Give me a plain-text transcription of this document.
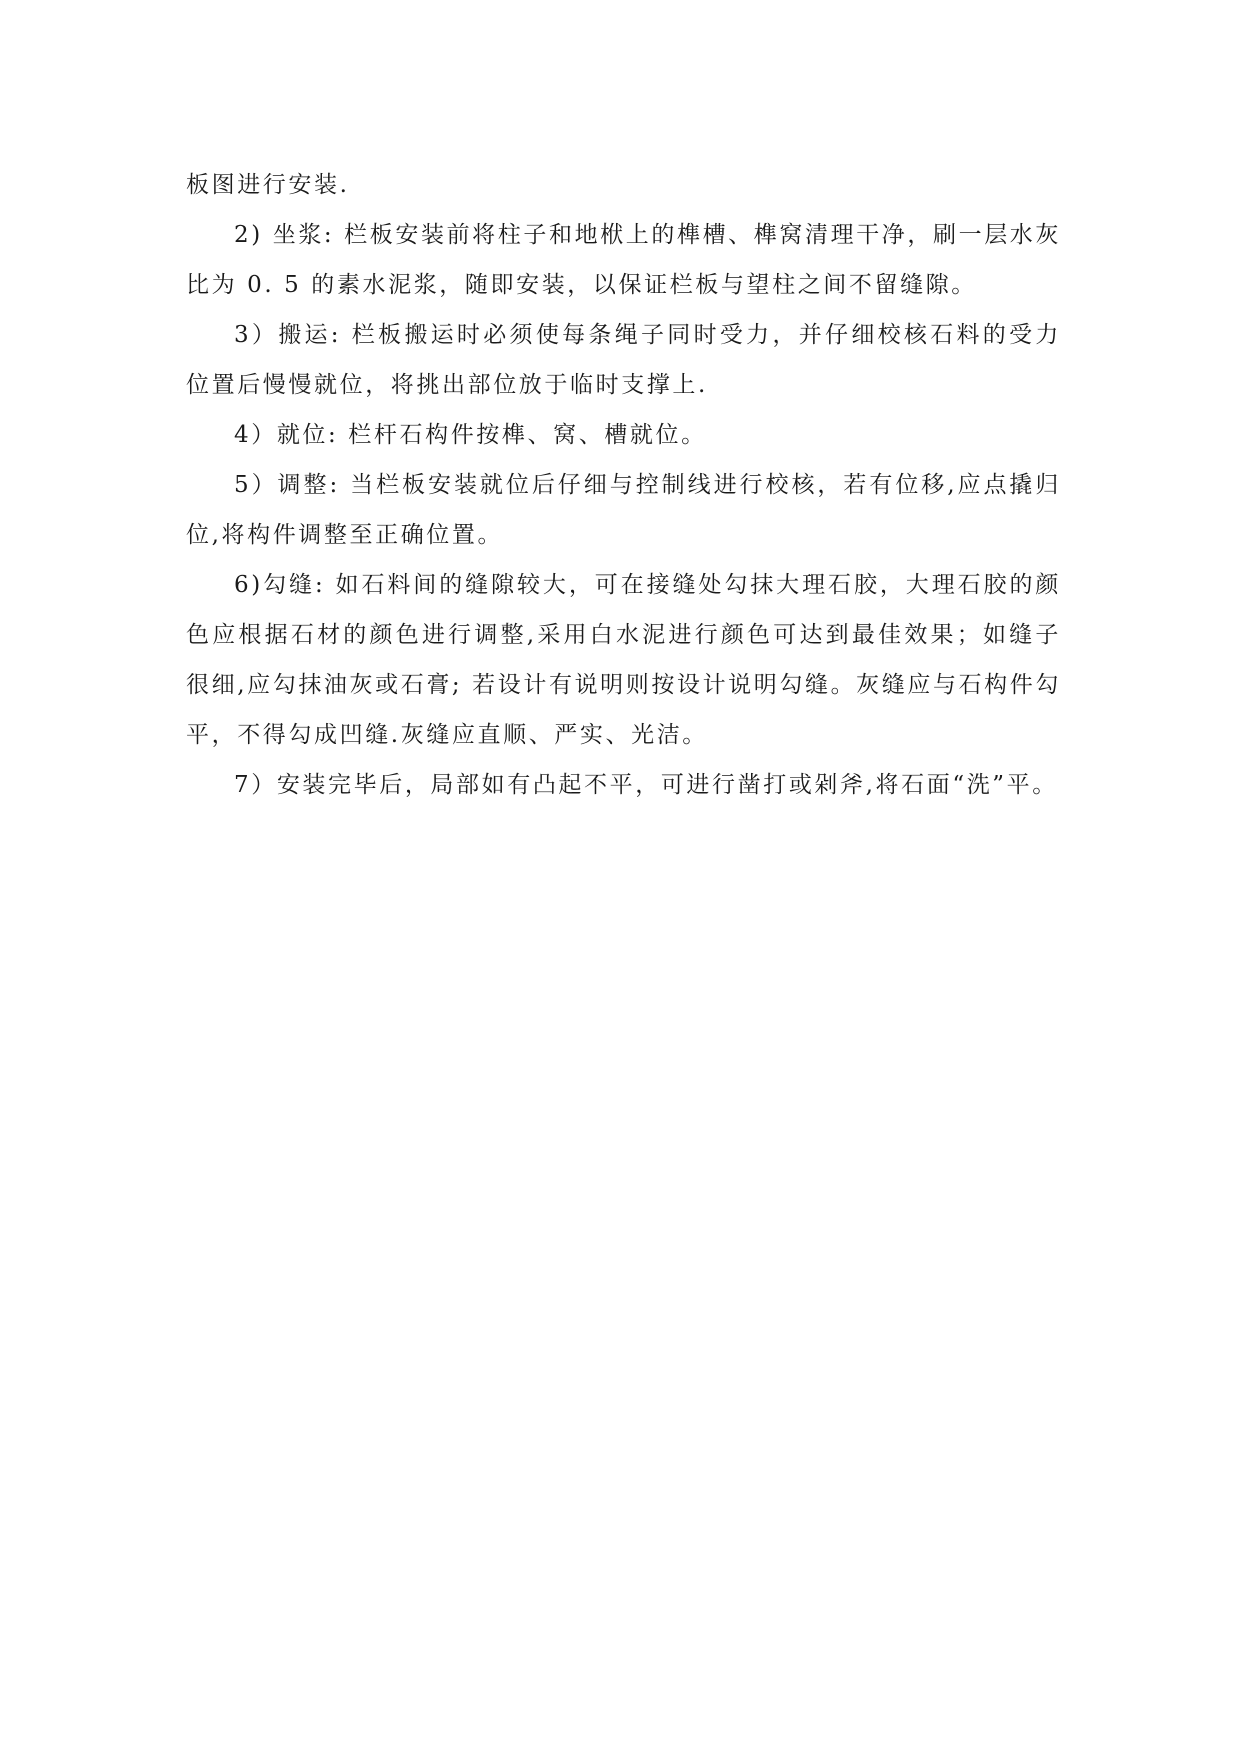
板图进行安装.

2) 坐浆: 栏板安装前将柱子和地栿上的榫槽、榫窝清理干净，刷一层水灰比为 0. 5 的素水泥浆，随即安装，以保证栏板与望柱之间不留缝隙。

3）搬运: 栏板搬运时必须使每条绳子同时受力，并仔细校核石料的受力位置后慢慢就位，将挑出部位放于临时支撑上.

4）就位: 栏杆石构件按榫、窝、槽就位。

5）调整: 当栏板安装就位后仔细与控制线进行校核，若有位移,应点撬归位,将构件调整至正确位置。

6)勾缝: 如石料间的缝隙较大，可在接缝处勾抹大理石胶，大理石胶的颜色应根据石材的颜色进行调整,采用白水泥进行颜色可达到最佳效果；如缝子很细,应勾抹油灰或石膏; 若设计有说明则按设计说明勾缝。灰缝应与石构件勾平，不得勾成凹缝.灰缝应直顺、严实、光洁。

7）安装完毕后，局部如有凸起不平，可进行凿打或剁斧,将石面“洗”平。
